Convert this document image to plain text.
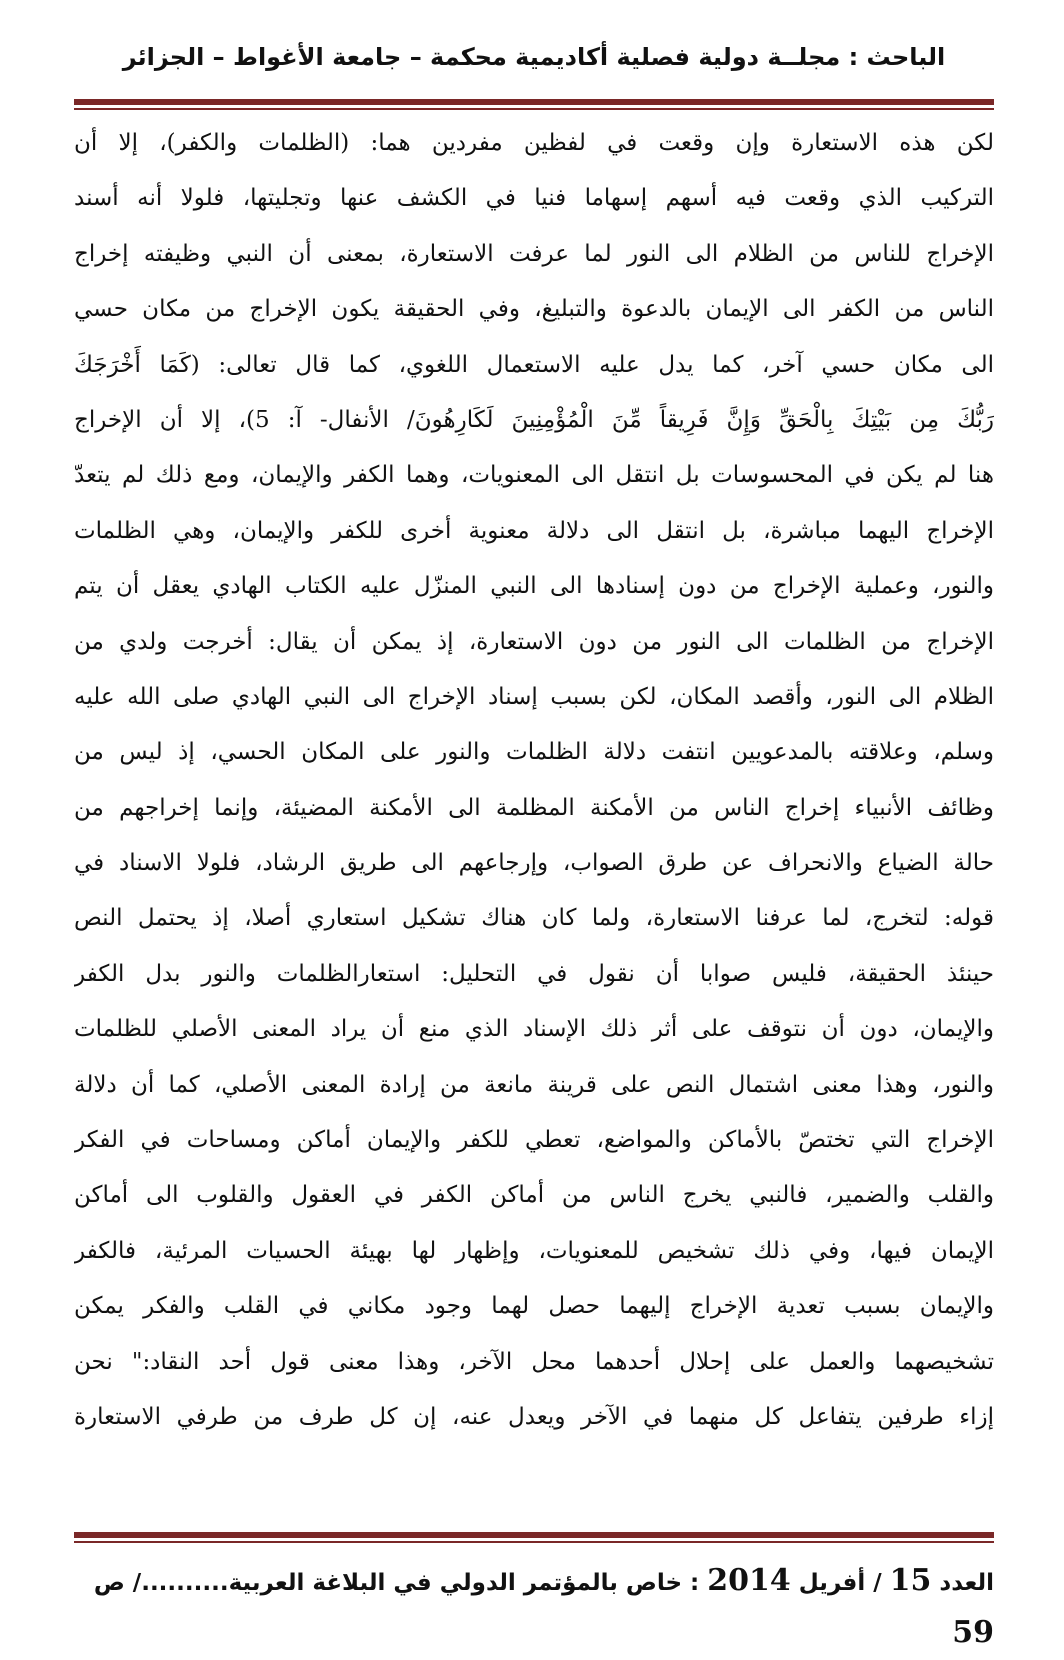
الباحث : مجلــة دولية فصلية أكاديمية محكمة – جامعة الأغواط – الجزائر
لكن هذه الاستعارة وإن وقعت في لفظين مفردين هما: (الظلمات والكفر)، إلا أن
التركيب الذي وقعت فيه أسهم إسهاما فنيا في الكشف عنها وتجليتها، فلولا أنه أسند
الإخراج للناس من الظلام الى النور لما عرفت الاستعارة، بمعنى أن النبي وظيفته إخراج
الناس من الكفر الى الإيمان بالدعوة والتبليغ، وفي الحقيقة يكون الإخراج من مكان حسي
الى مكان حسي آخر، كما يدل عليه الاستعمال اللغوي، كما قال تعالى: (كَمَا أَخْرَجَكَ
رَبُّكَ مِن بَيْتِكَ بِالْحَقِّ وَإِنَّ فَرِيقاً مِّنَ الْمُؤْمِنِينَ لَكَارِهُونَ/ الأنفال- آ: 5)، إلا أن الإخراج
هنا لم يكن في المحسوسات بل انتقل الى المعنويات، وهما الكفر والإيمان، ومع ذلك لم يتعدّ
الإخراج اليهما مباشرة، بل انتقل الى دلالة معنوية أخرى للكفر والإيمان، وهي الظلمات
والنور، وعملية الإخراج من دون إسنادها الى النبي المنزّل عليه الكتاب الهادي يعقل أن يتم
الإخراج من الظلمات الى النور من دون الاستعارة، إذ يمكن أن يقال: أخرجت ولدي من
الظلام الى النور، وأقصد المكان، لكن بسبب إسناد الإخراج الى النبي الهادي صلى الله عليه
وسلم، وعلاقته بالمدعويين انتفت دلالة الظلمات والنور على المكان الحسي، إذ ليس من
وظائف الأنبياء إخراج الناس من الأمكنة المظلمة الى الأمكنة المضيئة، وإنما إخراجهم من
حالة الضياع والانحراف عن طرق الصواب، وإرجاعهم الى طريق الرشاد، فلولا الاسناد في
قوله: لتخرج، لما عرفنا الاستعارة، ولما كان هناك تشكيل استعاري أصلا، إذ يحتمل النص
حينئذ الحقيقة، فليس صوابا أن نقول في التحليل: استعارالظلمات والنور بدل الكفر
والإيمان، دون أن نتوقف على أثر ذلك الإسناد الذي منع أن يراد المعنى الأصلي للظلمات
والنور، وهذا معنى اشتمال النص على قرينة مانعة من إرادة المعنى الأصلي، كما أن دلالة
الإخراج التي تختصّ بالأماكن والمواضع، تعطي للكفر والإيمان أماكن ومساحات في الفكر
والقلب والضمير، فالنبي يخرج الناس من أماكن الكفر في العقول والقلوب الى أماكن
الإيمان فيها، وفي ذلك تشخيص للمعنويات، وإظهار لها بهيئة الحسيات المرئية، فالكفر
والإيمان بسبب تعدية الإخراج إليهما حصل لهما وجود مكاني في القلب والفكر يمكن
تشخيصهما والعمل على إحلال أحدهما محل الآخر، وهذا معنى قول أحد النقاد:" نحن
إزاء طرفين يتفاعل كل منهما في الآخر ويعدل عنه، إن كل طرف من طرفي الاستعارة
العدد 15 / أفريل 2014 : خاص بالمؤتمر الدولي في البلاغة العربية........../ ص 59
